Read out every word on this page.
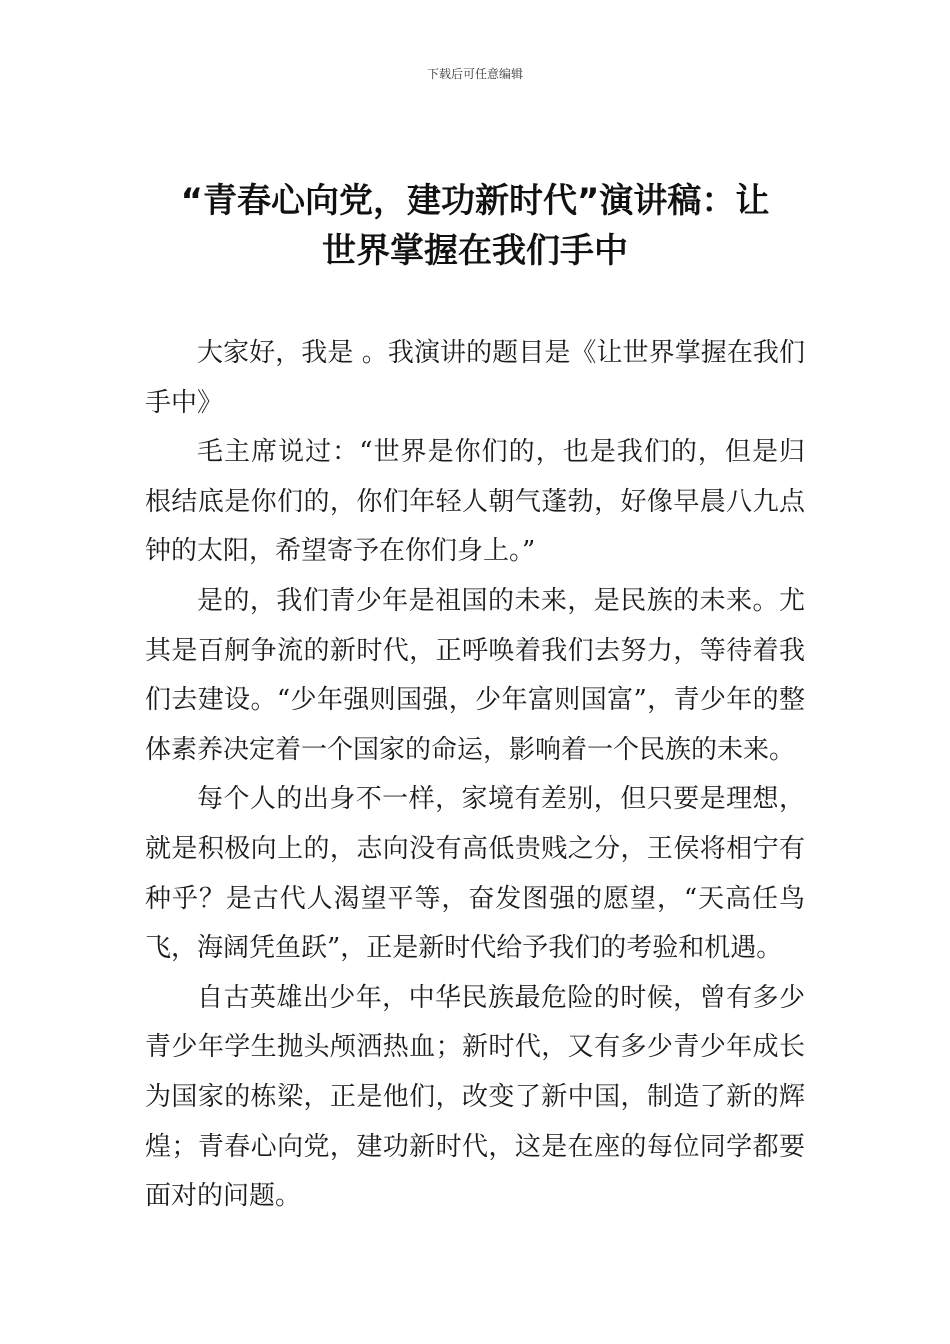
下载后可任意编辑
“青春心向党，建功新时代”演讲稿：让
世界掌握在我们手中

大家好，我是 。我演讲的题目是《让世界掌握在我们手中》

毛主席说过：“世界是你们的，也是我们的，但是归根结底是你们的，你们年轻人朝气蓬勃，好像早晨八九点钟的太阳，希望寄予在你们身上。”

是的，我们青少年是祖国的未来，是民族的未来。尤其是百舸争流的新时代，正呼唤着我们去努力，等待着我们去建设。“少年强则国强，少年富则国富”，青少年的整体素养决定着一个国家的命运，影响着一个民族的未来。

每个人的出身不一样，家境有差别，但只要是理想，就是积极向上的，志向没有高低贵贱之分，王侯将相宁有种乎？是古代人渴望平等，奋发图强的愿望，“天高任鸟飞，海阔凭鱼跃”，正是新时代给予我们的考验和机遇。

自古英雄出少年，中华民族最危险的时候，曾有多少青少年学生抛头颅洒热血；新时代，又有多少青少年成长为国家的栋梁，正是他们，改变了新中国，制造了新的辉煌；青春心向党，建功新时代，这是在座的每位同学都要面对的问题。
